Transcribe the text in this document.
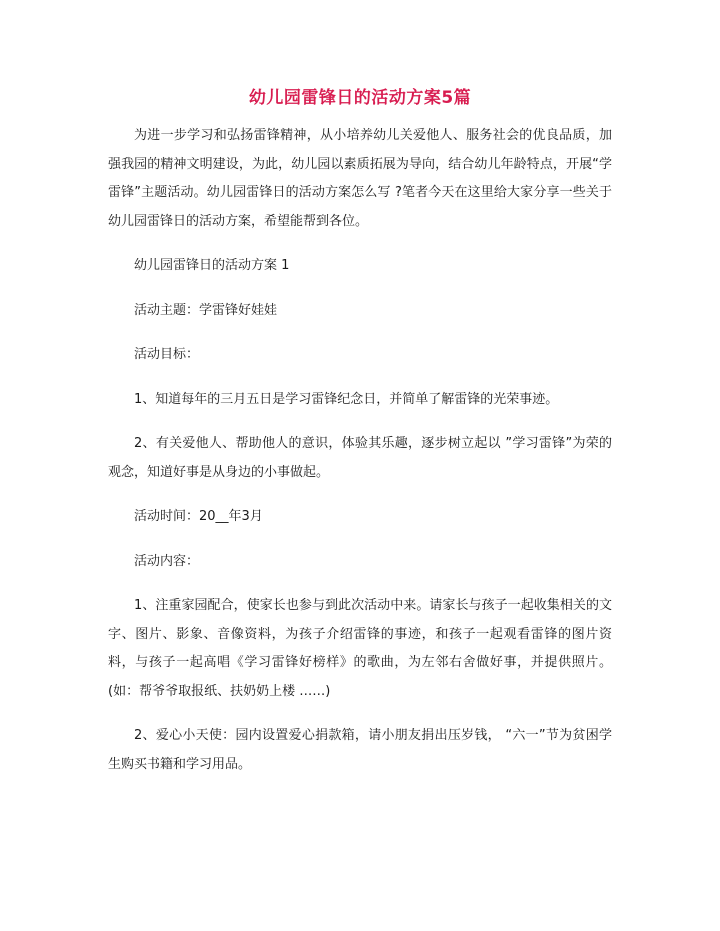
幼儿园雷锋日的活动方案5篇

为进一步学习和弘扬雷锋精神，从小培养幼儿关爱他人、服务社会的优良品质，加强我园的精神文明建设，为此，幼儿园以素质拓展为导向，结合幼儿年龄特点，开展“学雷锋”主题活动。幼儿园雷锋日的活动方案怎么写 ?笔者今天在这里给大家分享一些关于幼儿园雷锋日的活动方案，希望能帮到各位。

幼儿园雷锋日的活动方案 1

活动主题：学雷锋好娃娃

活动目标：

1、知道每年的三月五日是学习雷锋纪念日，并简单了解雷锋的光荣事迹。

2、有关爱他人、帮助他人的意识，体验其乐趣，逐步树立起以 ”学习雷锋”为荣的观念，知道好事是从身边的小事做起。

活动时间：20__年3月

活动内容：

1、注重家园配合，使家长也参与到此次活动中来。请家长与孩子一起收集相关的文字、图片、影象、音像资料，为孩子介绍雷锋的事迹，和孩子一起观看雷锋的图片资料，与孩子一起高唱《学习雷锋好榜样》的歌曲，为左邻右舍做好事，并提供照片。(如：帮爷爷取报纸、扶奶奶上楼 ……)

2、爱心小天使：园内设置爱心捐款箱，请小朋友捐出压岁钱， “六一”节为贫困学生购买书籍和学习用品。
